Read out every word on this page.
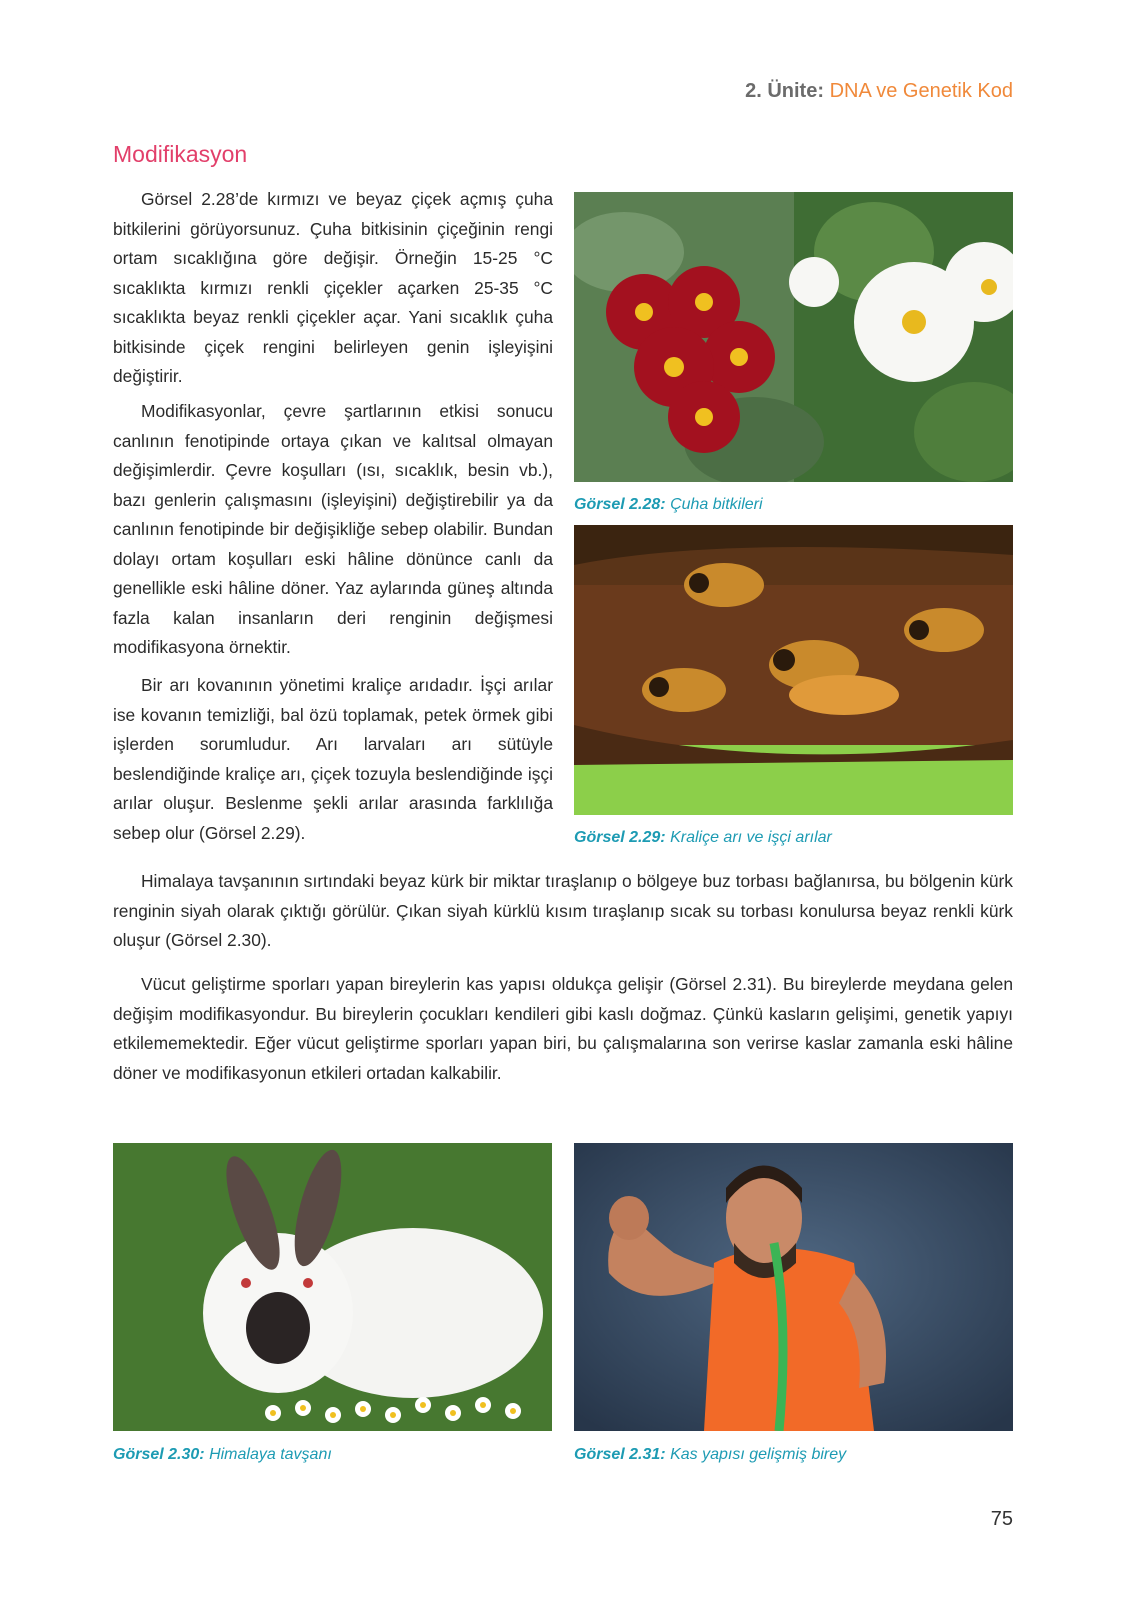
2. Ünite: DNA ve Genetik Kod
Modifikasyon

Görsel 2.28’de kırmızı ve beyaz çiçek açmış çuha bitkilerini görüyorsunuz. Çuha bitkisinin çiçeğinin rengi ortam sıcaklığına göre değişir. Örneğin 15-25 °C sıcaklıkta kırmızı renkli çiçekler açarken 25-35 °C sıcaklıkta beyaz renkli çiçekler açar. Yani sıcaklık çuha bitkisinde çiçek rengini belirleyen genin işleyişini değiştirir.

Modifikasyonlar, çevre şartlarının etkisi sonucu canlının fenotipinde ortaya çıkan ve kalıtsal olmayan değişimlerdir. Çevre koşulları (ısı, sıcaklık, besin vb.), bazı genlerin çalışmasını (işleyişini) değiştirebilir ya da canlının fenotipinde bir değişikliğe sebep olabilir. Bundan dolayı ortam koşulları eski hâline dönünce canlı da genellikle eski hâline döner. Yaz aylarında güneş altında fazla kalan insanların deri renginin değişmesi modifikasyona örnektir.

Bir arı kovanının yönetimi kraliçe arıdadır. İşçi arılar ise kovanın temizliği, bal özü toplamak, petek örmek gibi işlerden sorumludur. Arı larvaları arı sütüyle beslendiğinde kraliçe arı, çiçek tozuyla beslendiğinde işçi arılar oluşur. Beslenme şekli arılar arasında farklılığa sebep olur (Görsel 2.29).

Himalaya tavşanının sırtındaki beyaz kürk bir miktar tıraşlanıp o bölgeye buz torbası bağlanırsa, bu bölgenin kürk renginin siyah olarak çıktığı görülür. Çıkan siyah kürklü kısım tıraşlanıp sıcak su torbası konulursa beyaz renkli kürk oluşur (Görsel 2.30).

Vücut geliştirme sporları yapan bireylerin kas yapısı oldukça gelişir (Görsel 2.31). Bu bireylerde meydana gelen değişim modifikasyondur. Bu bireylerin çocukları kendileri gibi kaslı doğmaz. Çünkü kasların gelişimi, genetik yapıyı etkilememektedir. Eğer vücut geliştirme sporları yapan biri, bu çalışmalarına son verirse kaslar zamanla eski hâline döner ve modifikasyonun etkileri ortadan kalkabilir.

Görsel 2.28: Çuha bitkileri
Görsel 2.29: Kraliçe arı ve işçi arılar
Görsel 2.30: Himalaya tavşanı	Görsel 2.31: Kas yapısı gelişmiş birey
75
